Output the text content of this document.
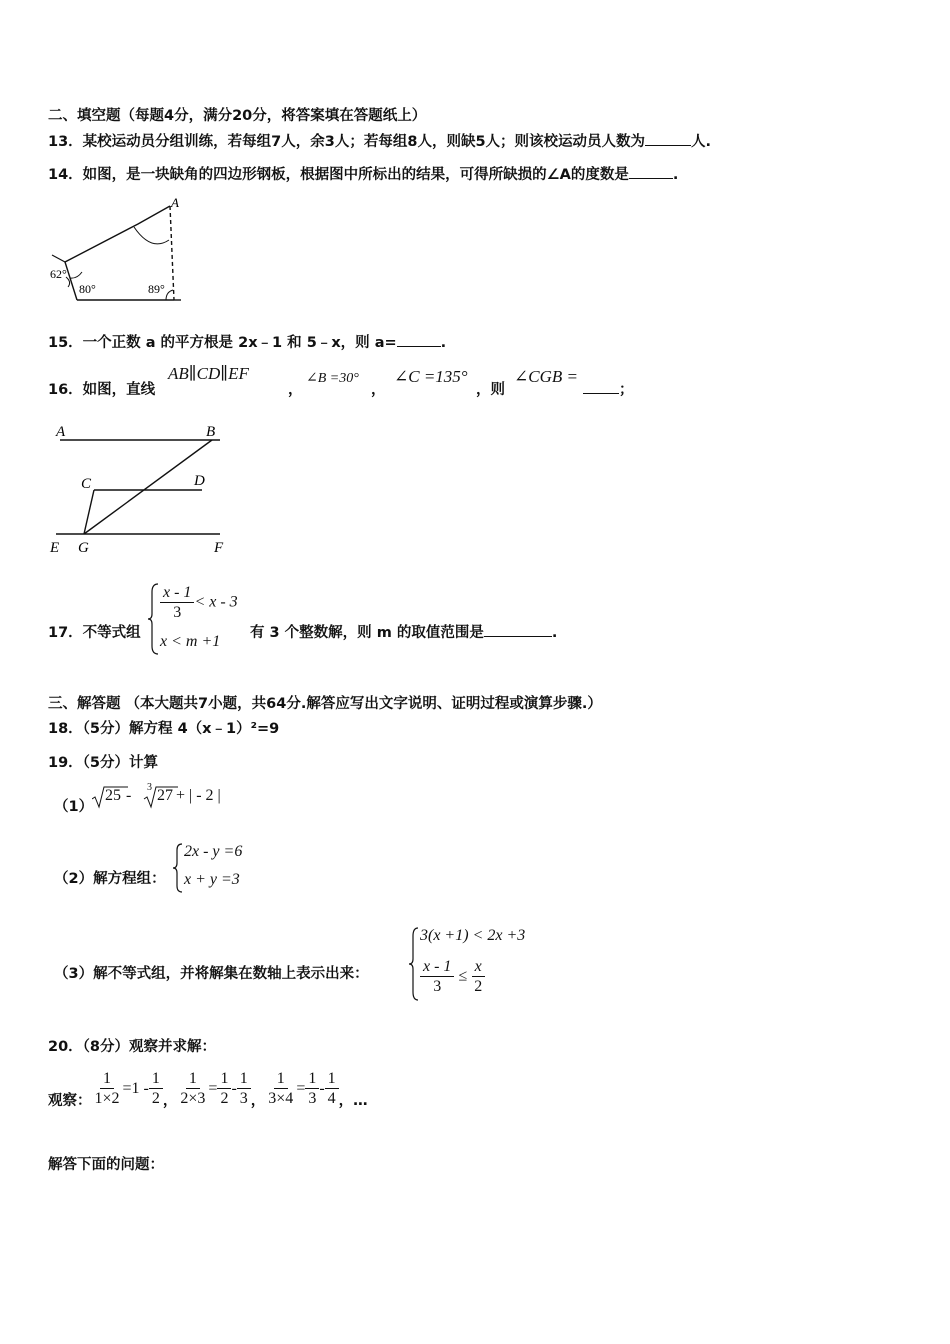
二、填空题（每题4分，满分20分，将答案填在答题纸上）
13．某校运动员分组训练，若每组7人，余3人；若每组8人，则缺5人；则该校运动员人数为	人.
14．如图，是一块缺角的四边形钢板，根据图中所标出的结果，可得所缺损的∠A的度数是	.
A
62°
80°	89°
15．一个正数 a 的平方根是 2x﹣1 和 5﹣x，则 a=	.
16．如图，直线
AB∥CD∥EF
，
∠B =30°
，
∠C =135°
，则
∠CGB =
；
A	B
C	D
E G	F
17．不等式组
$\frac{x - 1}{3} < x - 3$
x < m +1 有 3 个整数解，则 m 的取值范围是	.
三、解答题 （本大题共7小题，共64分.解答应写出文字说明、证明过程或演算步骤.）
18．（5分）解方程 4（x﹣1）²=9
19．（5分）计算
（1）
25 - 3 27 + | - 2 |
（2）解方程组：
2x - y =6
x + y =3
（3）解不等式组，并将解集在数轴上表示出来：
3(x +1) < 2x +3
$\frac{x - 1}{3} \le \frac{x}{2}$
20．（8分）观察并求解：
观察： $\frac{1}{1\times 2} =1 - \frac{1}{2}$ ， $\frac{1}{2\times 3} = \frac{1}{2} - \frac{1}{3}$ ， $\frac{1}{3\times 4} = \frac{1}{3} - \frac{1}{4}$ ，…
解答下面的问题：
